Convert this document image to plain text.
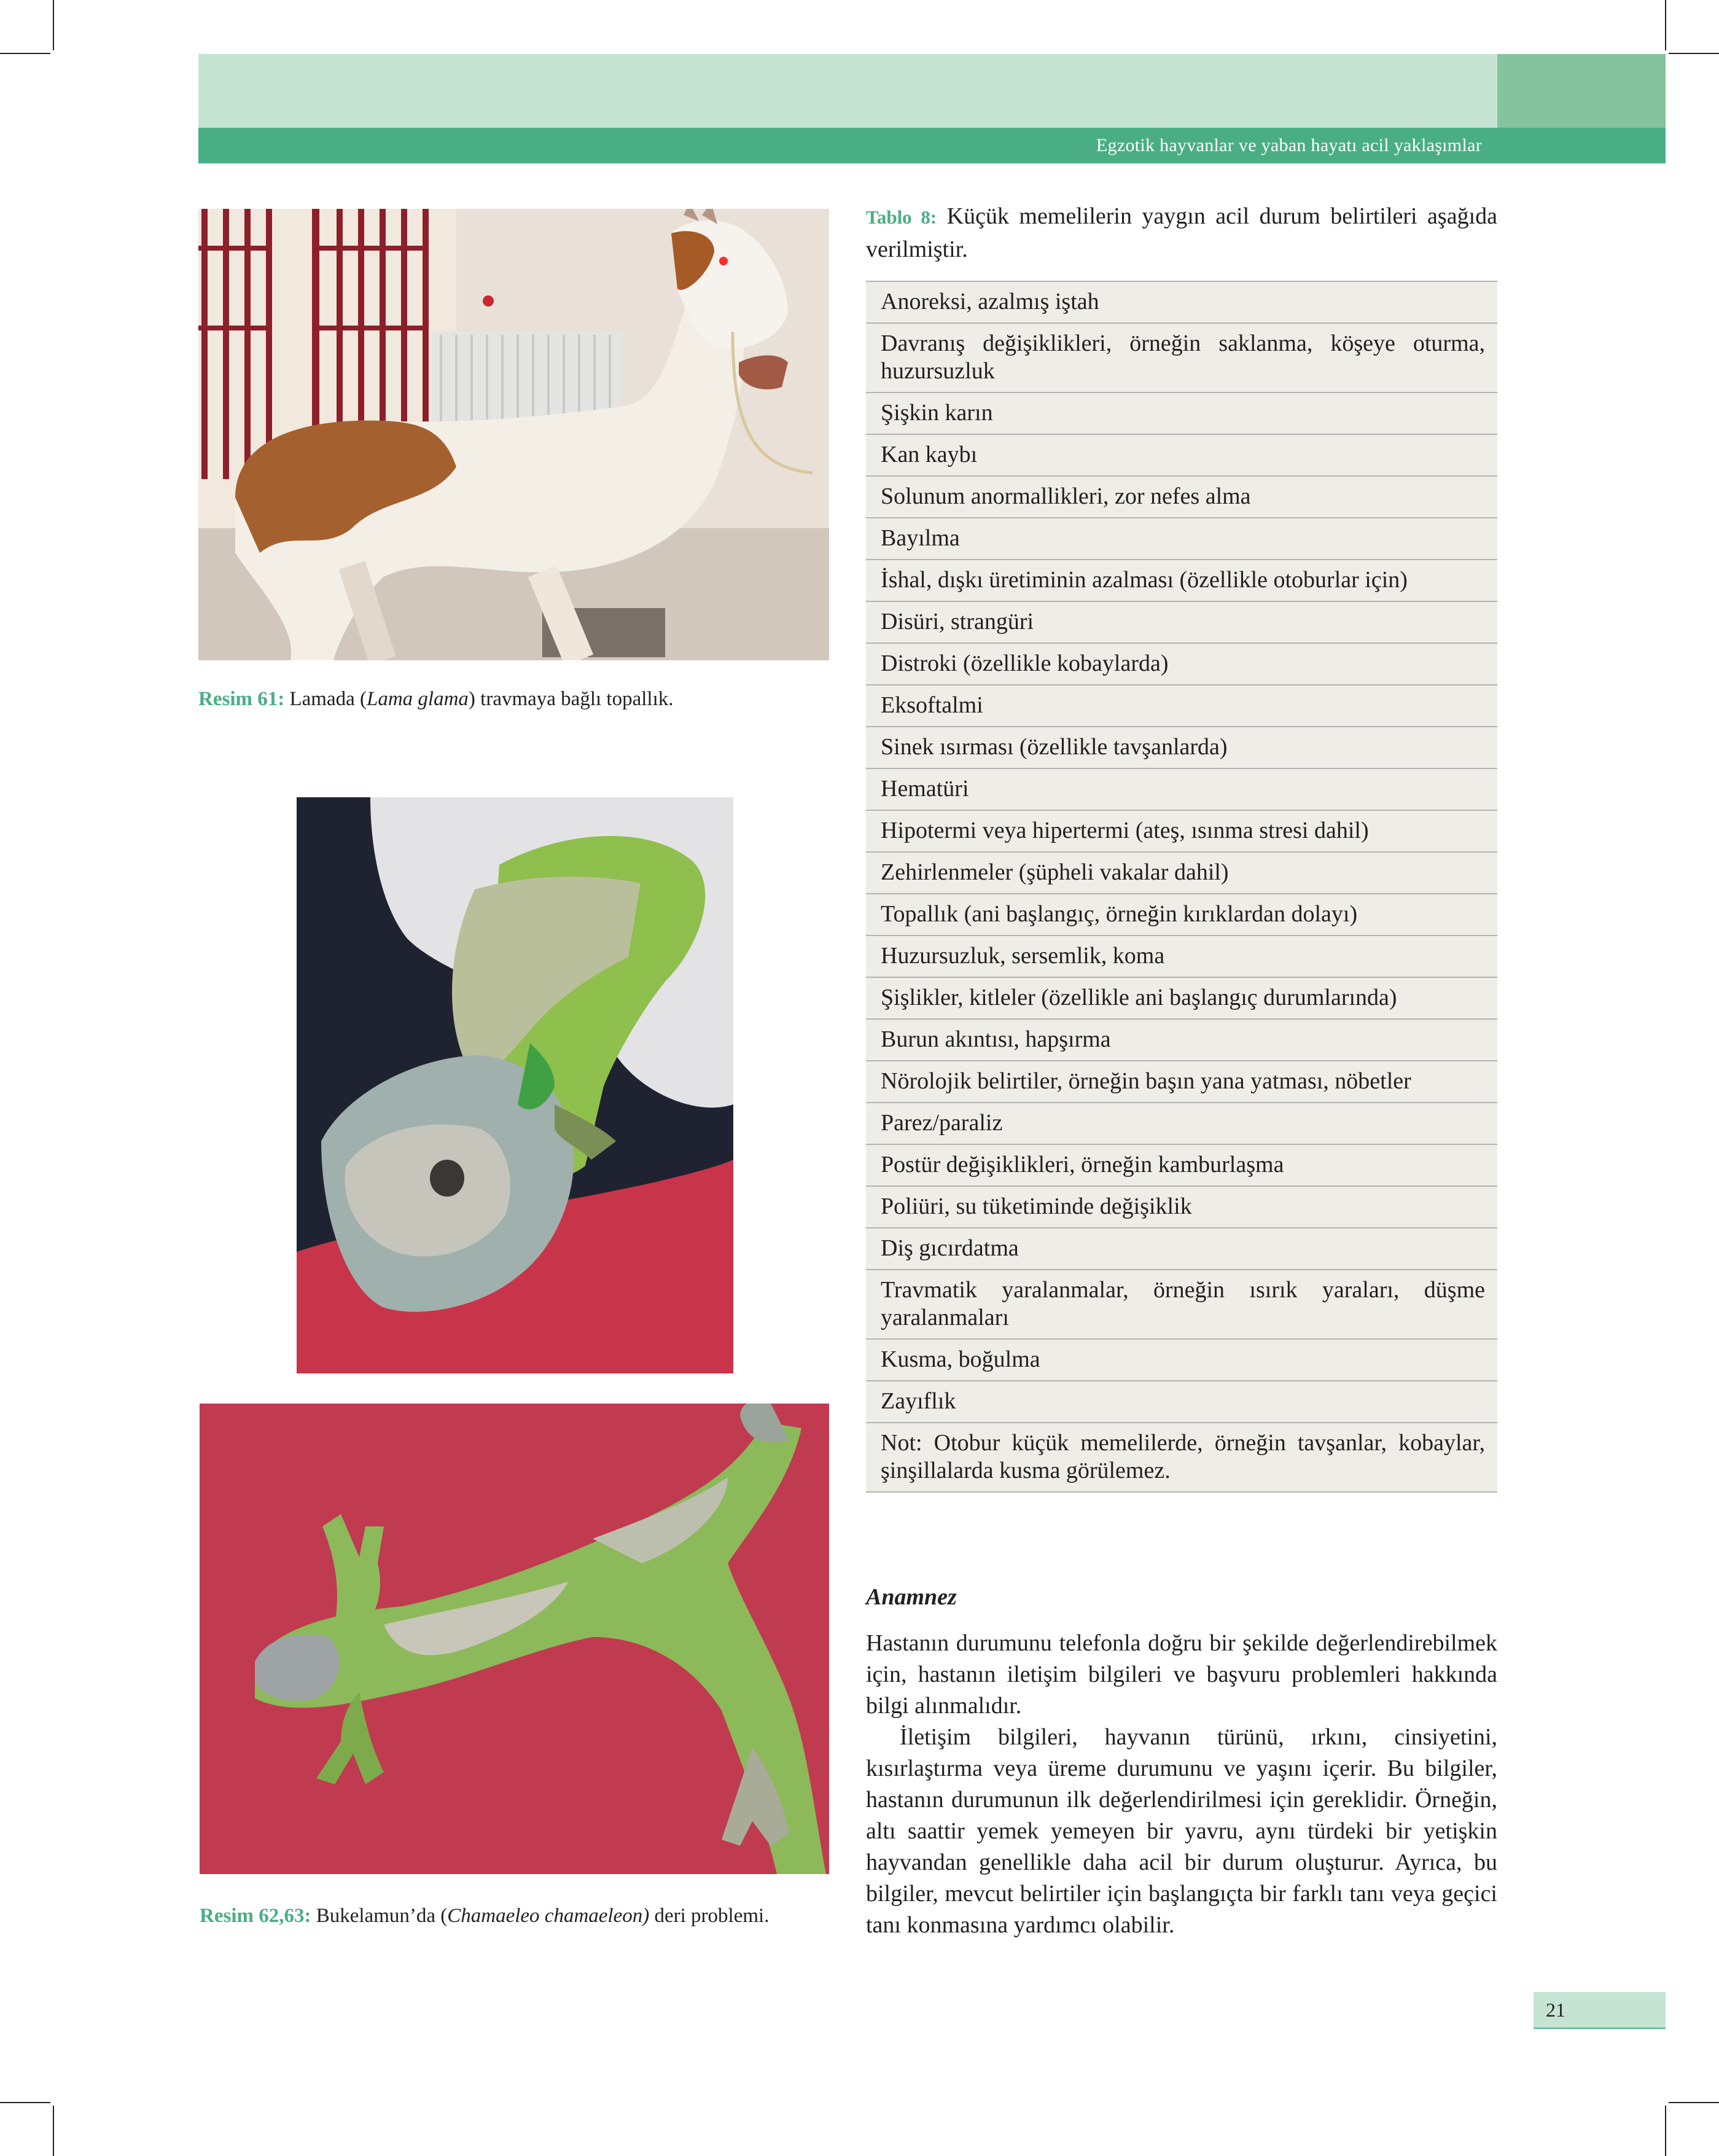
Egzotik hayvanlar ve yaban hayatı acil yaklaşımlar
Resim 61: Lamada (Lama glama) travmaya bağlı topallık.
Resim 62,63: Bukelamun’da (Chamaeleo chamaeleon) deri problemi.
Tablo 8: Küçük memelilerin yaygın acil durum belirtileri aşağıda verilmiştir.
Anoreksi, azalmış iştah
Davranış değişiklikleri, örneğin saklanma, köşeye oturma, huzursuzluk
Şişkin karın
Kan kaybı
Solunum anormallikleri, zor nefes alma
Bayılma
İshal, dışkı üretiminin azalması (özellikle otoburlar için)
Disüri, strangüri
Distroki (özellikle kobaylarda)
Eksoftalmi
Sinek ısırması (özellikle tavşanlarda)
Hematüri
Hipotermi veya hipertermi (ateş, ısınma stresi dahil)
Zehirlenmeler (şüpheli vakalar dahil)
Topallık (ani başlangıç, örneğin kırıklardan dolayı)
Huzursuzluk, sersemlik, koma
Şişlikler, kitleler (özellikle ani başlangıç durumlarında)
Burun akıntısı, hapşırma
Nörolojik belirtiler, örneğin başın yana yatması, nöbetler
Parez/paraliz
Postür değişiklikleri, örneğin kamburlaşma
Poliüri, su tüketiminde değişiklik
Diş gıcırdatma
Travmatik yaralanmalar, örneğin ısırık yaraları, düşme yaralanmaları
Kusma, boğulma
Zayıflık
Not: Otobur küçük memelilerde, örneğin tavşanlar, kobaylar, şinşillalarda kusma görülemez.
Anamnez

Hastanın durumunu telefonla doğru bir şekilde değerlendirebilmek için, hastanın iletişim bilgileri ve başvuru problemleri hakkında bilgi alınmalıdır.

İletişim bilgileri, hayvanın türünü, ırkını, cinsiyetini, kısırlaştırma veya üreme durumunu ve yaşını içerir. Bu bilgiler, hastanın durumunun ilk değerlendirilmesi için gereklidir. Örneğin, altı saattir yemek yemeyen bir yavru, aynı türdeki bir yetişkin hayvandan genellikle daha acil bir durum oluşturur. Ayrıca, bu bilgiler, mevcut belirtiler için başlangıçta bir farklı tanı veya geçici tanı konmasına yardımcı olabilir.

21
